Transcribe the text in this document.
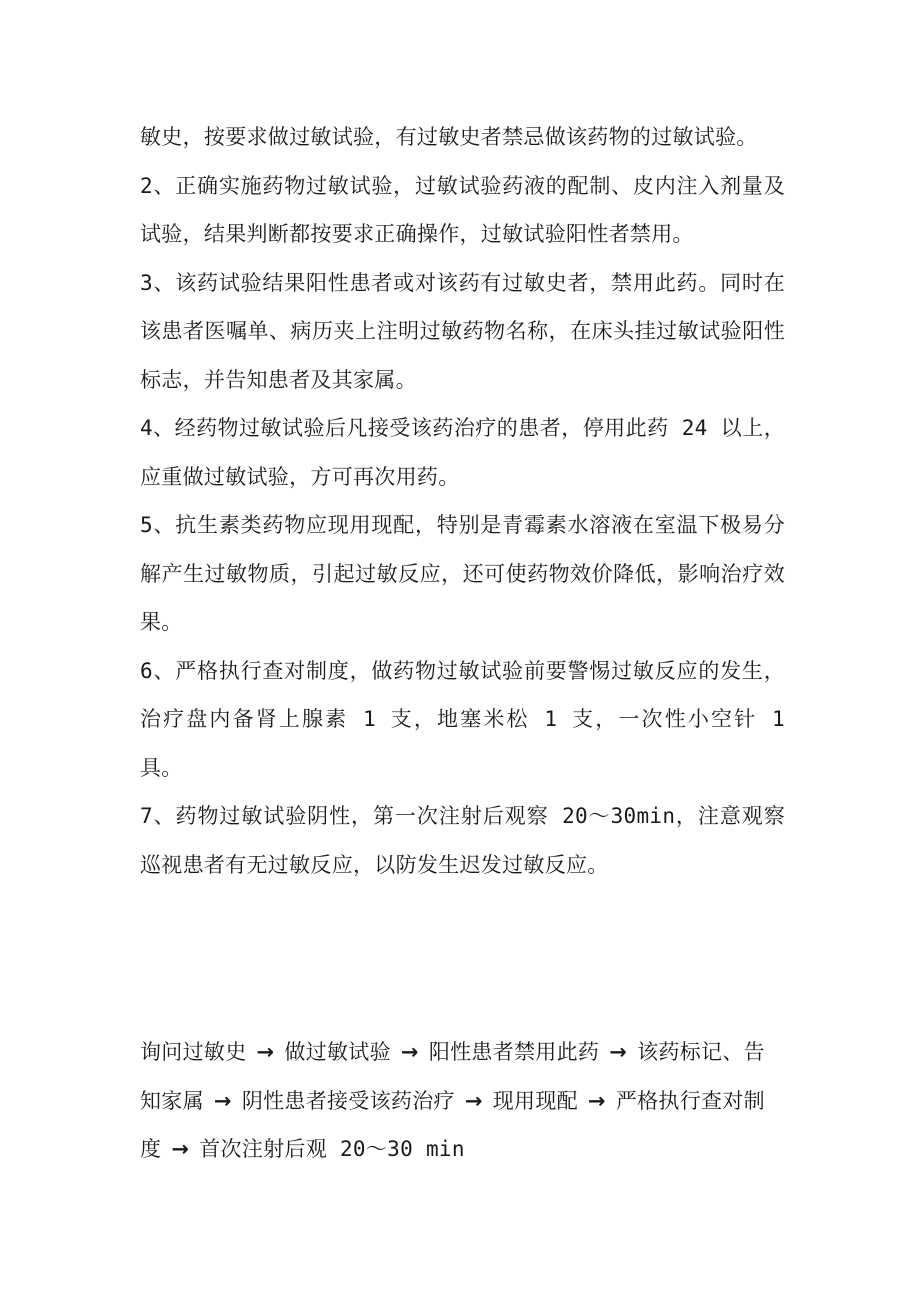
敏史，按要求做过敏试验，有过敏史者禁忌做该药物的过敏试验。

2、正确实施药物过敏试验，过敏试验药液的配制、皮内注入剂量及试验，结果判断都按要求正确操作，过敏试验阳性者禁用。

3、该药试验结果阳性患者或对该药有过敏史者，禁用此药。同时在该患者医嘱单、病历夹上注明过敏药物名称，在床头挂过敏试验阳性标志，并告知患者及其家属。

4、经药物过敏试验后凡接受该药治疗的患者，停用此药 24 以上，应重做过敏试验，方可再次用药。

5、抗生素类药物应现用现配，特别是青霉素水溶液在室温下极易分解产生过敏物质，引起过敏反应，还可使药物效价降低，影响治疗效果。

6、严格执行查对制度，做药物过敏试验前要警惕过敏反应的发生，治疗盘内备肾上腺素 1 支，地塞米松 1 支，一次性小空针 1 具。

7、药物过敏试验阴性，第一次注射后观察 20～30min，注意观察巡视患者有无过敏反应，以防发生迟发过敏反应。

询问过敏史 → 做过敏试验 → 阳性患者禁用此药 → 该药标记、告知家属 → 阴性患者接受该药治疗 → 现用现配 → 严格执行查对制度 → 首次注射后观 20～30 min
